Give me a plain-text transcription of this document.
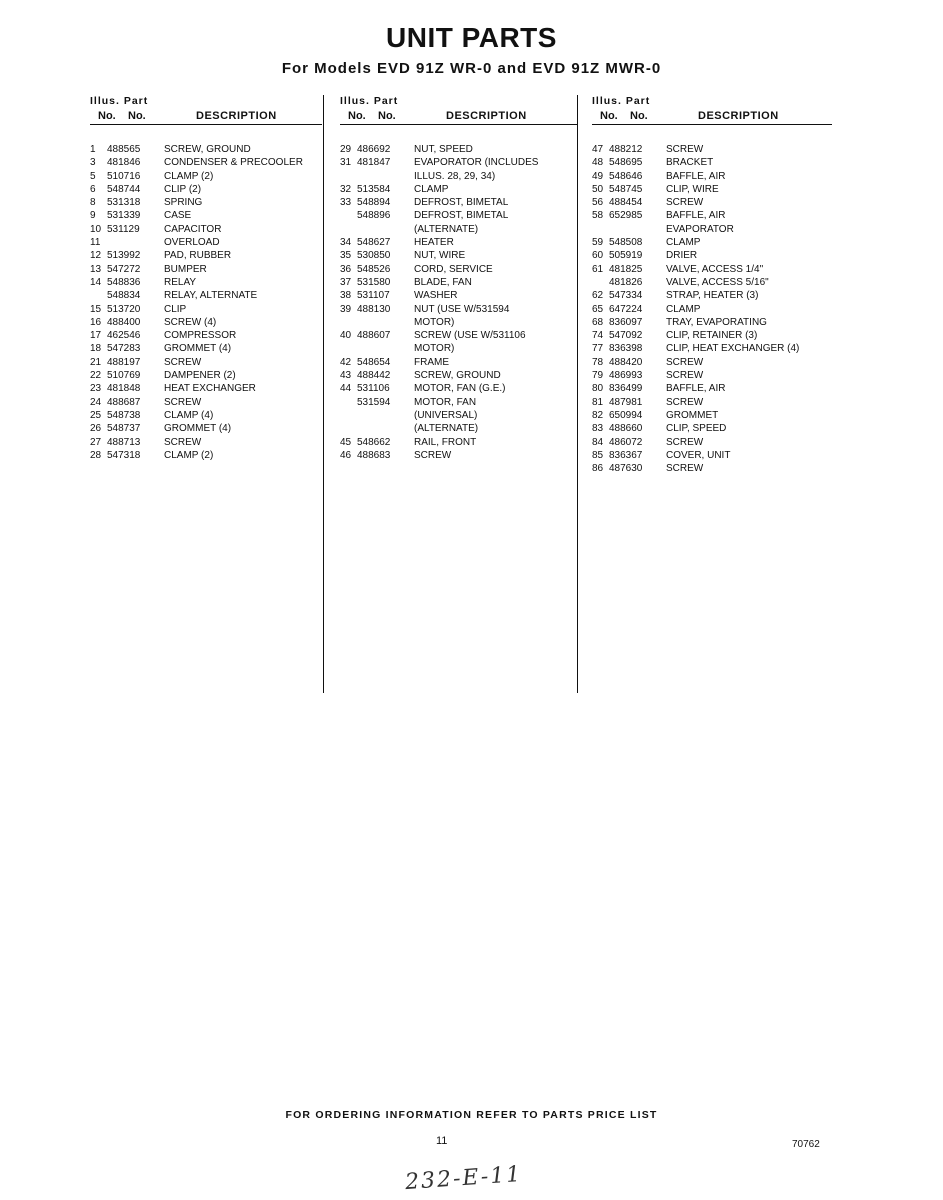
UNIT PARTS
For Models EVD 91Z WR-0 and EVD 91Z MWR-0
Illus. Part
No. No.	DESCRIPTION
1	488565 SCREW, GROUND
3	481846 CONDENSER & PRECOOLER
5	510716 CLAMP (2)
6	548744 CLIP (2)
8	531318 SPRING
9	531339 CASE
10 531129 CAPACITOR
11	OVERLOAD
12 513992 PAD, RUBBER
13 547272 BUMPER
14 548836 RELAY
548834 RELAY, ALTERNATE
15 513720 CLIP
16 488400 SCREW (4)
17 462546 COMPRESSOR
18 547283 GROMMET (4)
21 488197 SCREW
22 510769 DAMPENER (2)
23 481848 HEAT EXCHANGER
24 488687 SCREW
25 548738 CLAMP (4)
26 548737 GROMMET (4)
27 488713 SCREW
28 547318 CLAMP (2)
Illus. Part
No. No.	DESCRIPTION
29 486692 NUT, SPEED
31 481847 EVAPORATOR (INCLUDES
ILLUS. 28, 29, 34)
32 513584 CLAMP
33 548894 DEFROST, BIMETAL
548896 DEFROST, BIMETAL
(ALTERNATE)
34 548627 HEATER
35 530850 NUT, WIRE
36 548526 CORD, SERVICE
37 531580 BLADE, FAN
38 531107 WASHER
39 488130 NUT (USE W/531594
MOTOR)
40 488607 SCREW (USE W/531106
MOTOR)
42 548654 FRAME
43 488442 SCREW, GROUND
44 531106 MOTOR, FAN (G.E.)
531594 MOTOR, FAN
(UNIVERSAL)
(ALTERNATE)
45 548662 RAIL, FRONT
46 488683 SCREW
Illus. Part
No. No.	DESCRIPTION
47 488212 SCREW
48 548695 BRACKET
49 548646 BAFFLE, AIR
50 548745 CLIP, WIRE
56 488454 SCREW
58 652985 BAFFLE, AIR
EVAPORATOR
59 548508 CLAMP
60 505919 DRIER
61 481825 VALVE, ACCESS 1/4"
481826 VALVE, ACCESS 5/16"
62 547334 STRAP, HEATER (3)
65 647224 CLAMP
68 836097 TRAY, EVAPORATING
74 547092 CLIP, RETAINER (3)
77 836398 CLIP, HEAT EXCHANGER (4)
78 488420 SCREW
79 486993 SCREW
80 836499 BAFFLE, AIR
81 487981 SCREW
82 650994 GROMMET
83 488660 CLIP, SPEED
84 486072 SCREW
85 836367 COVER, UNIT
86 487630 SCREW
FOR ORDERING INFORMATION REFER TO PARTS PRICE LIST
11	70762
232-E-11
